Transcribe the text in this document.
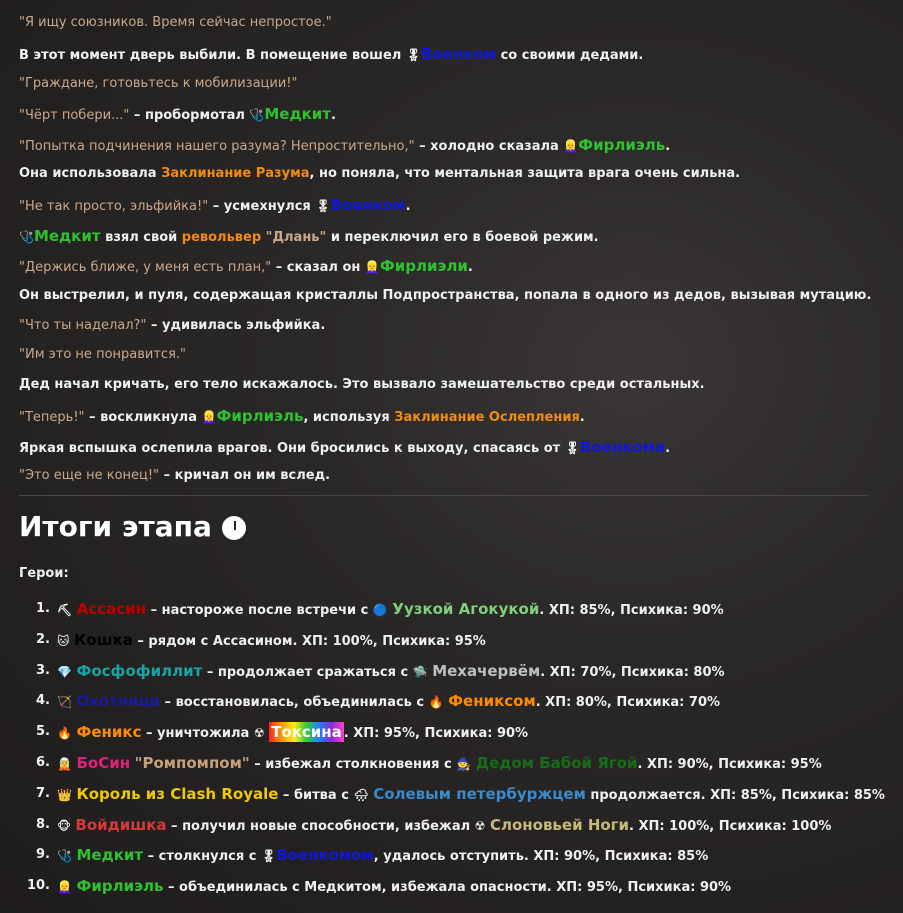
"Я ищу союзников. Время сейчас непростое."
В этот момент дверь выбили. В помещение вошел 🎖Военком со своими дедами.
"Граждане, готовьтесь к мобилизации!"
"Чёрт побери..." – пробормотал 🩺Медкит.
"Попытка подчинения нашего разума? Непростительно," – холодно сказала 👱‍♀️Фирлиэль.
Она использовала Заклинание Разума, но поняла, что ментальная защита врага очень сильна.
"Не так просто, эльфийка!" – усмехнулся 🎖Военком.
🩺Медкит взял свой револьвер "Длань" и переключил его в боевой режим.
"Держись ближе, у меня есть план," – сказал он 👱‍♀️Фирлиэли.
Он выстрелил, и пуля, содержащая кристаллы Подпространства, попала в одного из дедов, вызывая мутацию.
"Что ты наделал?" – удивилась эльфийка.
"Им это не понравится."
Дед начал кричать, его тело искажалось. Это вызвало замешательство среди остальных.
"Теперь!" – воскликнула 👱‍♀️Фирлиэль, используя Заклинание Ослепления.
Яркая вспышка ослепила врагов. Они бросились к выходу, спасаясь от 🎖Военкома.
"Это еще не конец!" – кричал он им вслед.
Итоги этапа
Герои:
1. ⛏ Ассасин – настороже после встречи с 🔵 Уузкой Агокукой. ХП: 85%, Психика: 90%
2. 🐱 Кошка – рядом с Ассасином. ХП: 100%, Психика: 95%
3. 💎 Фосфофиллит – продолжает сражаться с 🛸 Мехачервём. ХП: 70%, Психика: 80%
4. 🏹 Охотница – восстановилась, объединилась с 🔥 Фениксом. ХП: 80%, Психика: 70%
5. 🔥 Феникс – уничтожила ☢ Токсина . ХП: 95%, Психика: 90%
6. 🧝 БоСин "Ромпомпом" – избежал столкновения с 🧙 Дедом Бабой Ягой. ХП: 90%, Психика: 95%
7. 👑 Король из Clash Royale – битва с 🌧 Солевым петербуржцем продолжается. ХП: 85%, Психика: 85%
8. 🐵 Войдишка – получил новые способности, избежал ☢ Слоновьей Ноги. ХП: 100%, Психика: 100%
9. 🩺 Медкит – столкнулся с 🎖Военкомом, удалось отступить. ХП: 90%, Психика: 85%
10. 👱‍♀️ Фирлиэль – объединилась с Медкитом, избежала опасности. ХП: 95%, Психика: 90%
